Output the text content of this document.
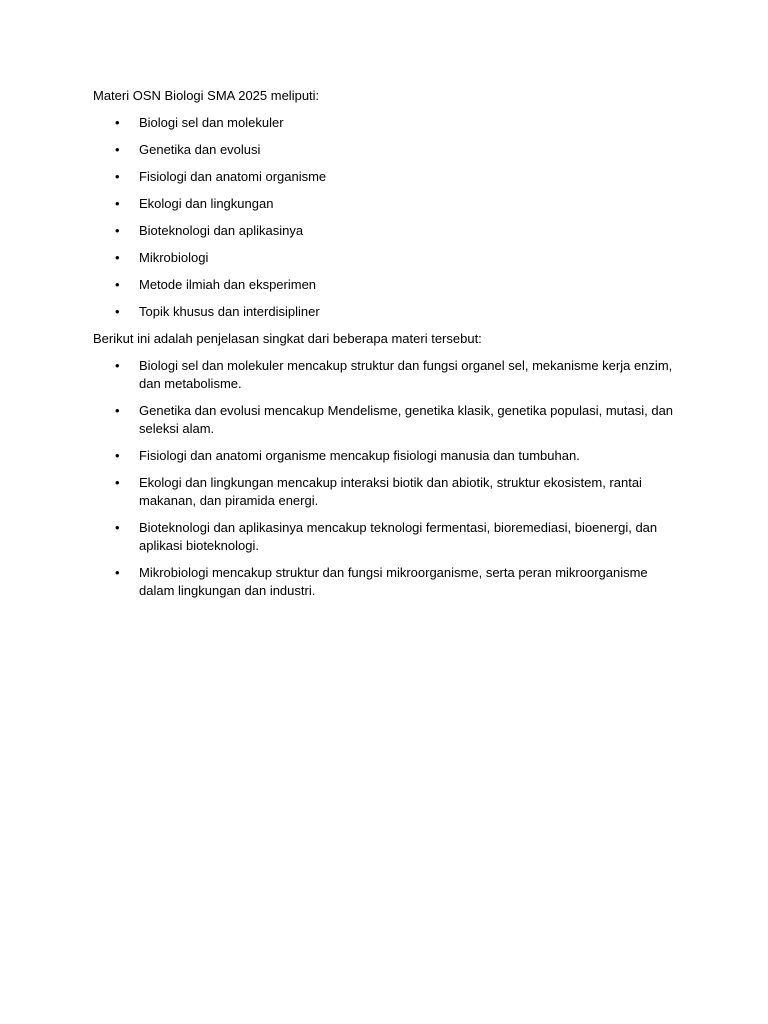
Materi OSN Biologi SMA 2025 meliputi:

•	Biologi sel dan molekuler
•	Genetika dan evolusi
•	Fisiologi dan anatomi organisme
•	Ekologi dan lingkungan
•	Bioteknologi dan aplikasinya
•	Mikrobiologi
•	Metode ilmiah dan eksperimen
•	Topik khusus dan interdisipliner

Berikut ini adalah penjelasan singkat dari beberapa materi tersebut:

•	Biologi sel dan molekuler mencakup struktur dan fungsi organel sel, mekanisme kerja enzim, dan metabolisme.
•	Genetika dan evolusi mencakup Mendelisme, genetika klasik, genetika populasi, mutasi, dan seleksi alam.
•	Fisiologi dan anatomi organisme mencakup fisiologi manusia dan tumbuhan.
•	Ekologi dan lingkungan mencakup interaksi biotik dan abiotik, struktur ekosistem, rantai makanan, dan piramida energi.
•	Bioteknologi dan aplikasinya mencakup teknologi fermentasi, bioremediasi, bioenergi, dan aplikasi bioteknologi.
•	Mikrobiologi mencakup struktur dan fungsi mikroorganisme, serta peran mikroorganisme dalam lingkungan dan industri.
